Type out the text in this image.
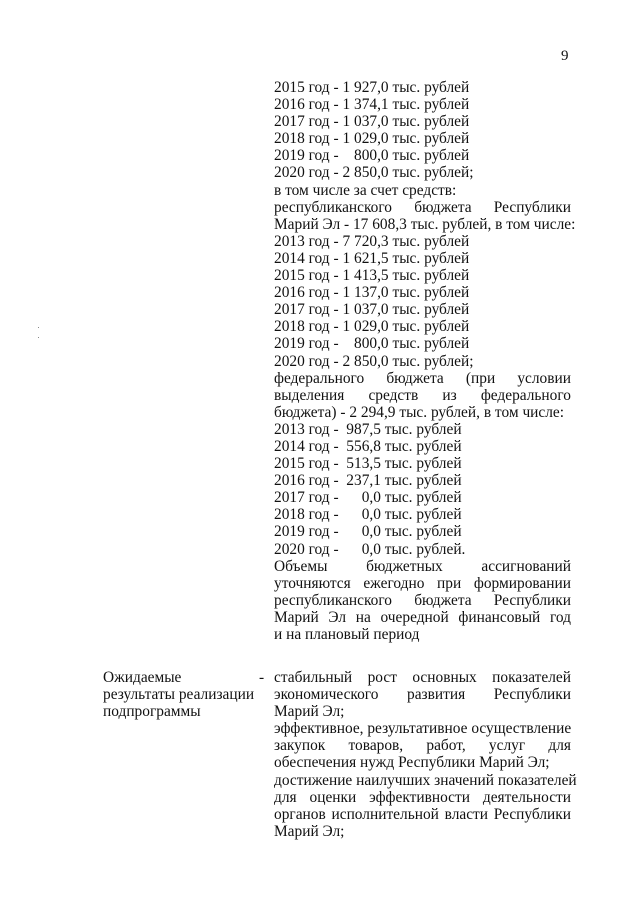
9
2015 год - 1 927,0 тыс. рублей
2016 год - 1 374,1 тыс. рублей
2017 год - 1 037,0 тыс. рублей
2018 год - 1 029,0 тыс. рублей
2019 год -    800,0 тыс. рублей
2020 год - 2 850,0 тыс. рублей;
в том числе за счет средств:
республиканского бюджета Республики
Марий Эл - 17 608,3 тыс. рублей, в том числе:
2013 год - 7 720,3 тыс. рублей
2014 год - 1 621,5 тыс. рублей
2015 год - 1 413,5 тыс. рублей
2016 год - 1 137,0 тыс. рублей
2017 год - 1 037,0 тыс. рублей
2018 год - 1 029,0 тыс. рублей
2019 год -    800,0 тыс. рублей
2020 год - 2 850,0 тыс. рублей;
федерального бюджета (при условии
выделения средств из федерального
бюджета) - 2 294,9 тыс. рублей, в том числе:
2013 год -  987,5 тыс. рублей
2014 год -  556,8 тыс. рублей
2015 год -  513,5 тыс. рублей
2016 год -  237,1 тыс. рублей
2017 год -      0,0 тыс. рублей
2018 год -      0,0 тыс. рублей
2019 год -      0,0 тыс. рублей
2020 год -      0,0 тыс. рублей.
Объемы бюджетных ассигнований
уточняются ежегодно при формировании
республиканского бюджета Республики
Марий Эл на очередной финансовый год
и на плановый период
Ожидаемые
результаты реализации
подпрограммы
- стабильный рост основных показателей
экономического развития Республики
Марий Эл;
эффективное, результативное осуществление
закупок товаров, работ, услуг для
обеспечения нужд Республики Марий Эл;
достижение наилучших значений показателей
для оценки эффективности деятельности
органов исполнительной власти Республики
Марий Эл;
